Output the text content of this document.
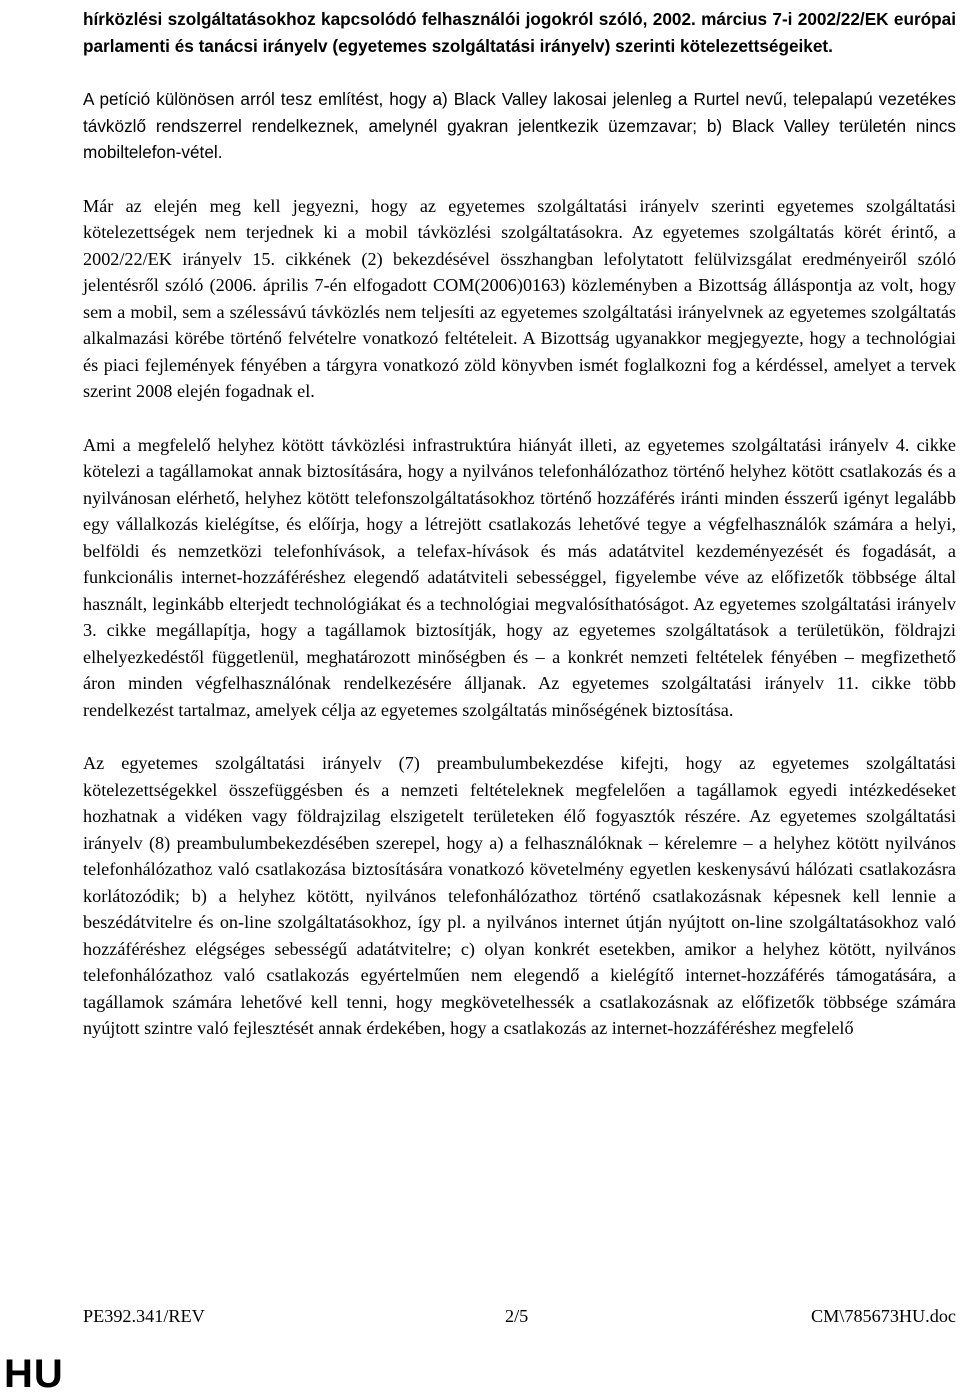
hírközlési szolgáltatásokhoz kapcsolódó felhasználói jogokról szóló, 2002. március 7-i 2002/22/EK európai parlamenti és tanácsi irányelv (egyetemes szolgáltatási irányelv) szerinti kötelezettségeiket.

A petíció különösen arról tesz említést, hogy a) Black Valley lakosai jelenleg a Rurtel nevű, telepalapú vezetékes távközlő rendszerrel rendelkeznek, amelynél gyakran jelentkezik üzemzavar; b) Black Valley területén nincs mobiltelefon-vétel.

Már az elején meg kell jegyezni, hogy az egyetemes szolgáltatási irányelv szerinti egyetemes szolgáltatási kötelezettségek nem terjednek ki a mobil távközlési szolgáltatásokra. Az egyetemes szolgáltatás körét érintő, a 2002/22/EK irányelv 15. cikkének (2) bekezdésével összhangban lefolytatott felülvizsgálat eredményeiről szóló jelentésről szóló (2006. április 7-én elfogadott COM(2006)0163) közleményben a Bizottság álláspontja az volt, hogy sem a mobil, sem a szélessávú távközlés nem teljesíti az egyetemes szolgáltatási irányelvnek az egyetemes szolgáltatás alkalmazási körébe történő felvételre vonatkozó feltételeit. A Bizottság ugyanakkor megjegyezte, hogy a technológiai és piaci fejlemények fényében a tárgyra vonatkozó zöld könyvben ismét foglalkozni fog a kérdéssel, amelyet a tervek szerint 2008 elején fogadnak el.

Ami a megfelelő helyhez kötött távközlési infrastruktúra hiányát illeti, az egyetemes szolgáltatási irányelv 4. cikke kötelezi a tagállamokat annak biztosítására, hogy a nyilvános telefonhálózathoz történő helyhez kötött csatlakozás és a nyilvánosan elérhető, helyhez kötött telefonszolgáltatásokhoz történő hozzáférés iránti minden ésszerű igényt legalább egy vállalkozás kielégítse, és előírja, hogy a létrejött csatlakozás lehetővé tegye a végfelhasználók számára a helyi, belföldi és nemzetközi telefonhívások, a telefax-hívások és más adatátvitel kezdeményezését és fogadását, a funkcionális internet-hozzáféréshez elegendő adatátviteli sebességgel, figyelembe véve az előfizetők többsége által használt, leginkább elterjedt technológiákat és a technológiai megvalósíthatóságot. Az egyetemes szolgáltatási irányelv 3. cikke megállapítja, hogy a tagállamok biztosítják, hogy az egyetemes szolgáltatások a területükön, földrajzi elhelyezkedéstől függetlenül, meghatározott minőségben és – a konkrét nemzeti feltételek fényében – megfizethető áron minden végfelhasználónak rendelkezésére álljanak. Az egyetemes szolgáltatási irányelv 11. cikke több rendelkezést tartalmaz, amelyek célja az egyetemes szolgáltatás minőségének biztosítása.

Az egyetemes szolgáltatási irányelv (7) preambulumbekezdése kifejti, hogy az egyetemes szolgáltatási kötelezettségekkel összefüggésben és a nemzeti feltételeknek megfelelően a tagállamok egyedi intézkedéseket hozhatnak a vidéken vagy földrajzilag elszigetelt területeken élő fogyasztók részére. Az egyetemes szolgáltatási irányelv (8) preambulumbekezdésében szerepel, hogy a) a felhasználóknak – kérelemre – a helyhez kötött nyilvános telefonhálózathoz való csatlakozása biztosítására vonatkozó követelmény egyetlen keskenysávú hálózati csatlakozásra korlátozódik; b) a helyhez kötött, nyilvános telefonhálózathoz történő csatlakozásnak képesnek kell lennie a beszédátvitelre és on-line szolgáltatásokhoz, így pl. a nyilvános internet útján nyújtott on-line szolgáltatásokhoz való hozzáféréshez elégséges sebességű adatátvitelre; c) olyan konkrét esetekben, amikor a helyhez kötött, nyilvános telefonhálózathoz való csatlakozás egyértelműen nem elegendő a kielégítő internet-hozzáférés támogatására, a tagállamok számára lehetővé kell tenni, hogy megkövetelhessék a csatlakozásnak az előfizetők többsége számára nyújtott szintre való fejlesztését annak érdekében, hogy a csatlakozás az internet-hozzáféréshez megfelelő

PE392.341/REV	2/5	CM\785673HU.doc
HU
